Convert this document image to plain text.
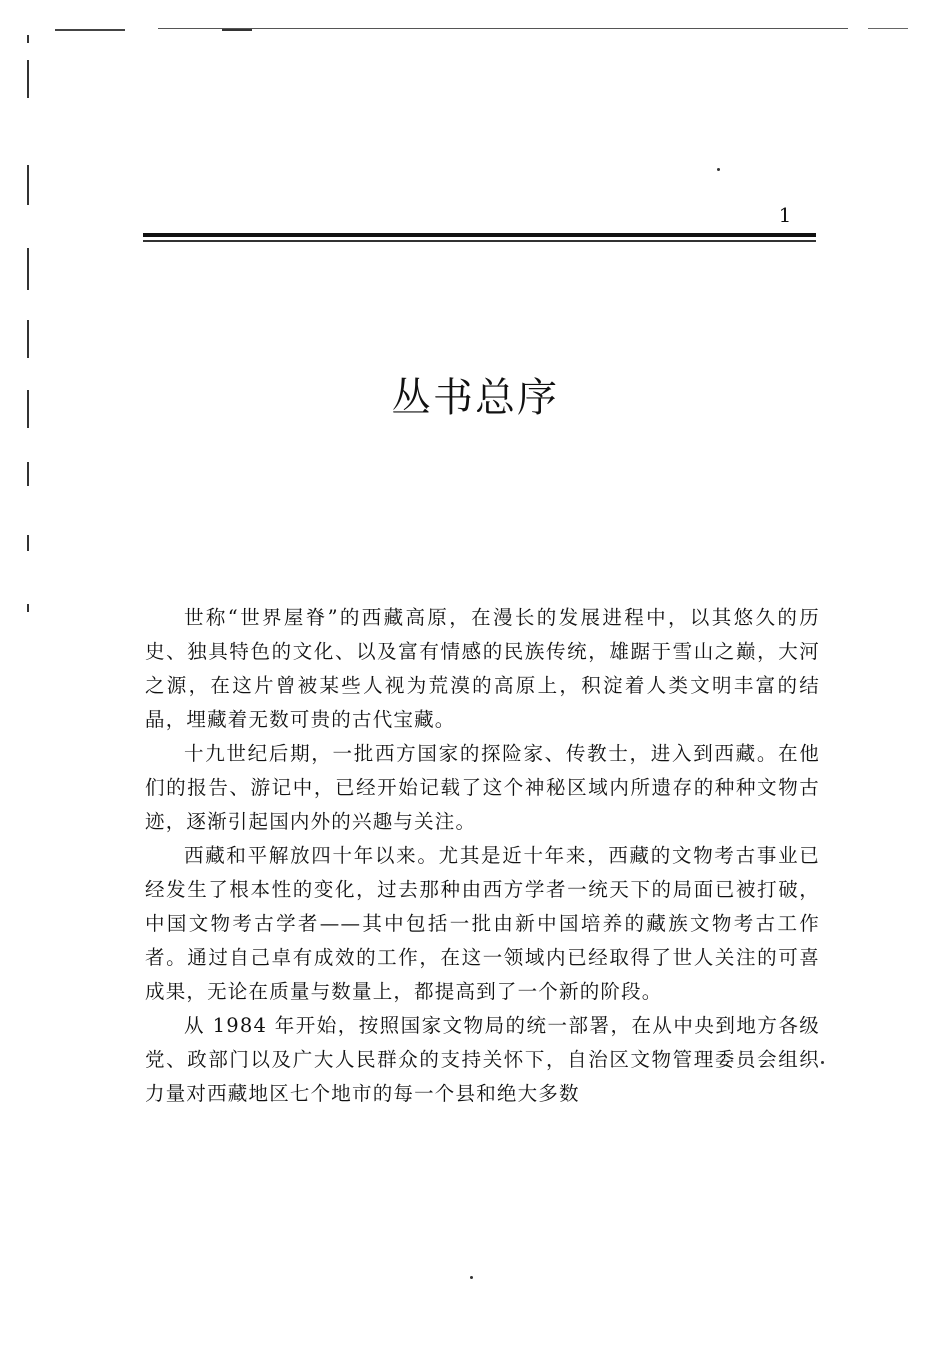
1
丛书总序

世称“世界屋脊”的西藏高原，在漫长的发展进程中，以其悠久的历史、独具特色的文化、以及富有情感的民族传统，雄踞于雪山之巅，大河之源，在这片曾被某些人视为荒漠的高原上，积淀着人类文明丰富的结晶，埋藏着无数可贵的古代宝藏。

十九世纪后期，一批西方国家的探险家、传教士，进入到西藏。在他们的报告、游记中，已经开始记载了这个神秘区域内所遗存的种种文物古迹，逐渐引起国内外的兴趣与关注。

西藏和平解放四十年以来。尤其是近十年来，西藏的文物考古事业已经发生了根本性的变化，过去那种由西方学者一统天下的局面已被打破，中国文物考古学者——其中包括一批由新中国培养的藏族文物考古工作者。通过自己卓有成效的工作，在这一领域内已经取得了世人关注的可喜成果，无论在质量与数量上，都提高到了一个新的阶段。

从 1984 年开始，按照国家文物局的统一部署，在从中央到地方各级党、政部门以及广大人民群众的支持关怀下，自治区文物管理委员会组织力量对西藏地区七个地市的每一个县和绝大多数
